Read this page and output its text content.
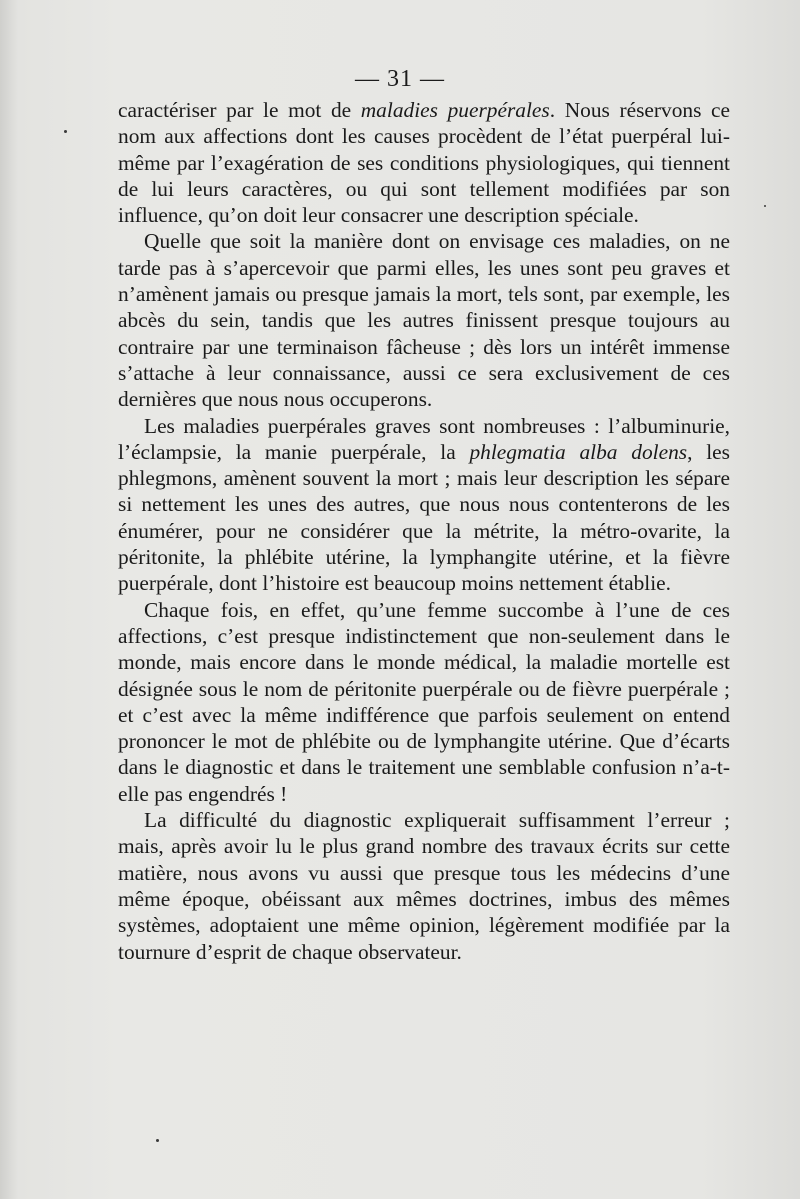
— 31 —

caractériser par le mot de maladies puerpérales. Nous réservons ce nom aux affections dont les causes procèdent de l’état puerpéral lui-même par l’exagération de ses conditions physiologiques, qui tiennent de lui leurs caractères, ou qui sont tellement modifiées par son influence, qu’on doit leur consacrer une description spéciale.

Quelle que soit la manière dont on envisage ces maladies, on ne tarde pas à s’apercevoir que parmi elles, les unes sont peu graves et n’amènent jamais ou presque jamais la mort, tels sont, par exemple, les abcès du sein, tandis que les autres finissent presque toujours au contraire par une terminaison fâcheuse ; dès lors un intérêt immense s’attache à leur connaissance, aussi ce sera exclusivement de ces dernières que nous nous occuperons.

Les maladies puerpérales graves sont nombreuses : l’albuminurie, l’éclampsie, la manie puerpérale, la phlegmatia alba dolens, les phlegmons, amènent souvent la mort ; mais leur description les sépare si nettement les unes des autres, que nous nous contenterons de les énumérer, pour ne considérer que la métrite, la métro-ovarite, la péritonite, la phlébite utérine, la lymphangite utérine, et la fièvre puerpérale, dont l’histoire est beaucoup moins nettement établie.

Chaque fois, en effet, qu’une femme succombe à l’une de ces affections, c’est presque indistinctement que non-seulement dans le monde, mais encore dans le monde médical, la maladie mortelle est désignée sous le nom de péritonite puerpérale ou de fièvre puerpérale ; et c’est avec la même indifférence que parfois seulement on entend prononcer le mot de phlébite ou de lymphangite utérine. Que d’écarts dans le diagnostic et dans le traitement une semblable confusion n’a-t-elle pas engendrés !

La difficulté du diagnostic expliquerait suffisamment l’erreur ; mais, après avoir lu le plus grand nombre des travaux écrits sur cette matière, nous avons vu aussi que presque tous les médecins d’une même époque, obéissant aux mêmes doctrines, imbus des mêmes systèmes, adoptaient une même opinion, légèrement modifiée par la tournure d’esprit de chaque observateur.
